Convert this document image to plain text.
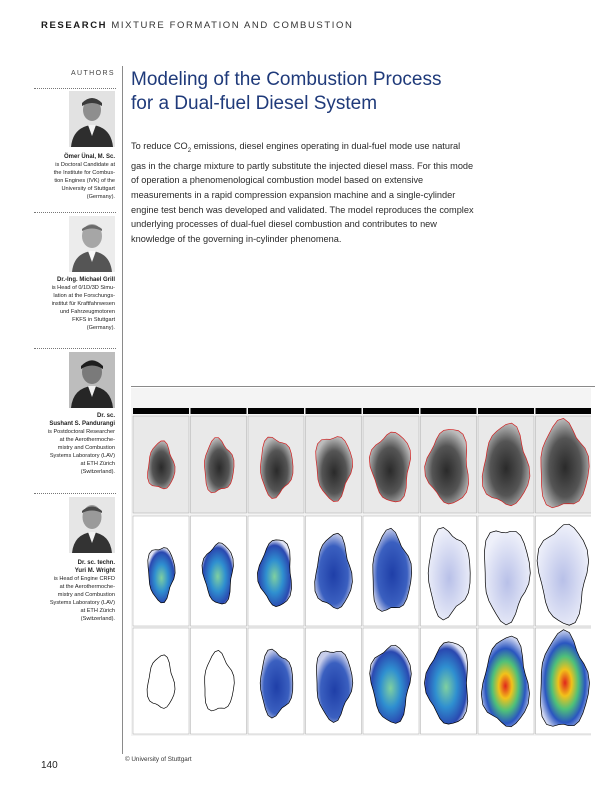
RESEARCH MIXTURE FORMATION AND COMBUSTION
AUTHORS
Ömer Ünal, M. Sc.
is Doctoral Candidate at
the Institute for Combus-
tion Engines (IVK) of the
University of Stuttgart
(Germany).
Dr.-Ing. Michael Grill
is Head of 0/1D/3D Simu-
lation at the Forschungs-
institut für Kraftfahrwesen
und Fahrzeugmotoren
FKFS in Stuttgart
(Germany).
Dr. sc.
Sushant S. Pandurangi
is Postdoctoral Researcher
at the Aerothermoche-
mistry and Combustion
Systems Laboratory (LAV)
at ETH Zürich
(Switzerland).
Dr. sc. techn.
Yuri M. Wright
is Head of Engine CRFD
at the Aerothermoche-
mistry and Combustion
Systems Laboratory (LAV)
at ETH Zürich
(Switzerland).
Modeling of the Combustion Process
for a Dual-fuel Diesel System

To reduce $CO_2$ emissions, diesel engines operating in dual-fuel mode use natural gas in the charge mixture to partly substitute the injected diesel mass. For this mode of operation a phenomenological combustion model based on extensive measurements in a rapid compression expansion machine and a single-cylinder engine test bench was developed and validated. The model reproduces the complex underlying processes of dual-fuel diesel combustion and contributes to new knowledge of the governing in-cylinder phenomena.

© University of Stuttgart
140
